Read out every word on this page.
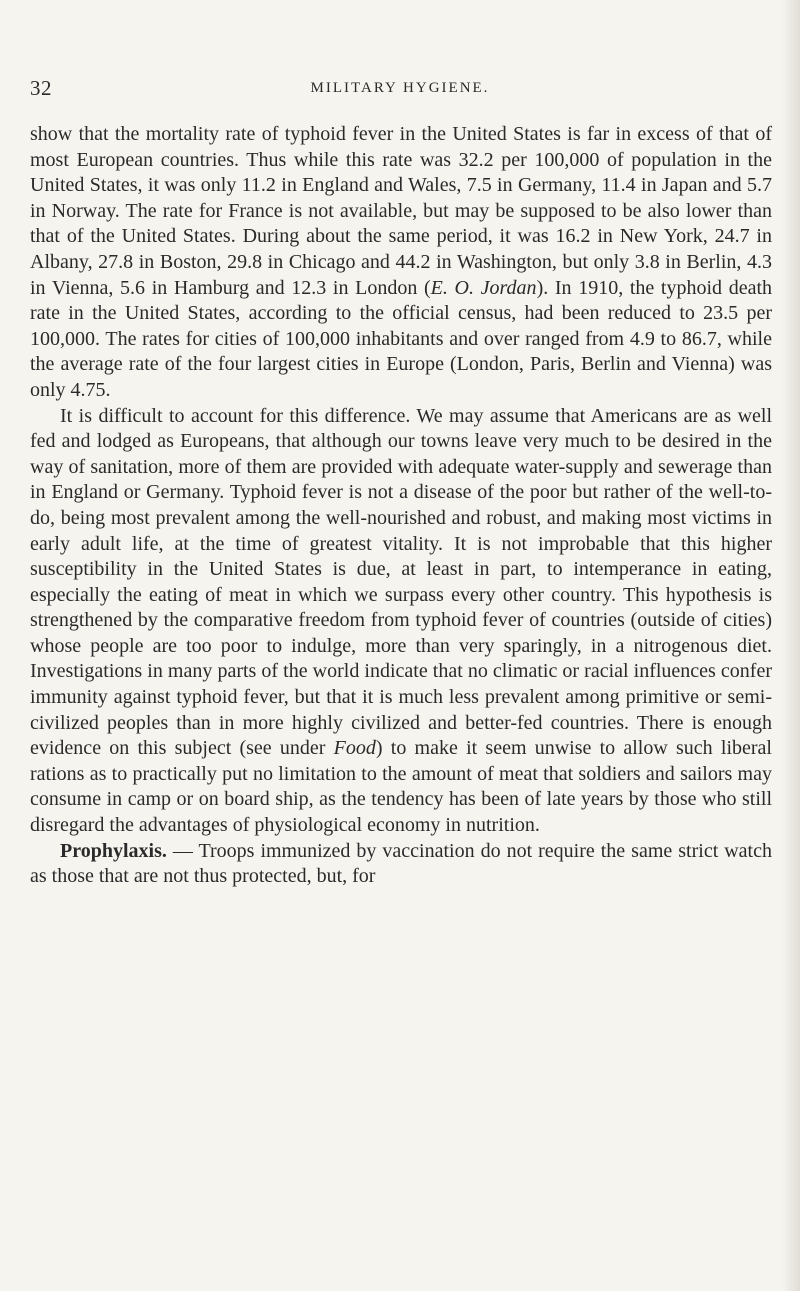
32	MILITARY HYGIENE.

show that the mortality rate of typhoid fever in the United States is far in excess of that of most European countries. Thus while this rate was 32.2 per 100,000 of population in the United States, it was only 11.2 in England and Wales, 7.5 in Germany, 11.4 in Japan and 5.7 in Norway. The rate for France is not available, but may be supposed to be also lower than that of the United States. During about the same period, it was 16.2 in New York, 24.7 in Albany, 27.8 in Boston, 29.8 in Chicago and 44.2 in Washington, but only 3.8 in Berlin, 4.3 in Vienna, 5.6 in Hamburg and 12.3 in London (E. O. Jordan). In 1910, the typhoid death rate in the United States, according to the official census, had been reduced to 23.5 per 100,000. The rates for cities of 100,000 inhabitants and over ranged from 4.9 to 86.7, while the average rate of the four largest cities in Europe (London, Paris, Berlin and Vienna) was only 4.75.

It is difficult to account for this difference. We may assume that Americans are as well fed and lodged as Europeans, that although our towns leave very much to be desired in the way of sanitation, more of them are provided with adequate water-supply and sewerage than in England or Germany. Typhoid fever is not a disease of the poor but rather of the well-to-do, being most prevalent among the well-nourished and robust, and making most victims in early adult life, at the time of greatest vitality. It is not improbable that this higher susceptibility in the United States is due, at least in part, to intemperance in eating, especially the eating of meat in which we surpass every other country. This hypothesis is strengthened by the comparative freedom from typhoid fever of countries (outside of cities) whose people are too poor to indulge, more than very sparingly, in a nitrogenous diet. Investigations in many parts of the world indicate that no climatic or racial influences confer immunity against typhoid fever, but that it is much less prevalent among primitive or semi-civilized peoples than in more highly civilized and better-fed countries. There is enough evidence on this subject (see under Food) to make it seem unwise to allow such liberal rations as to practically put no limitation to the amount of meat that soldiers and sailors may consume in camp or on board ship, as the tendency has been of late years by those who still disregard the advantages of physiological economy in nutrition.

Prophylaxis. — Troops immunized by vaccination do not require the same strict watch as those that are not thus protected, but, for
